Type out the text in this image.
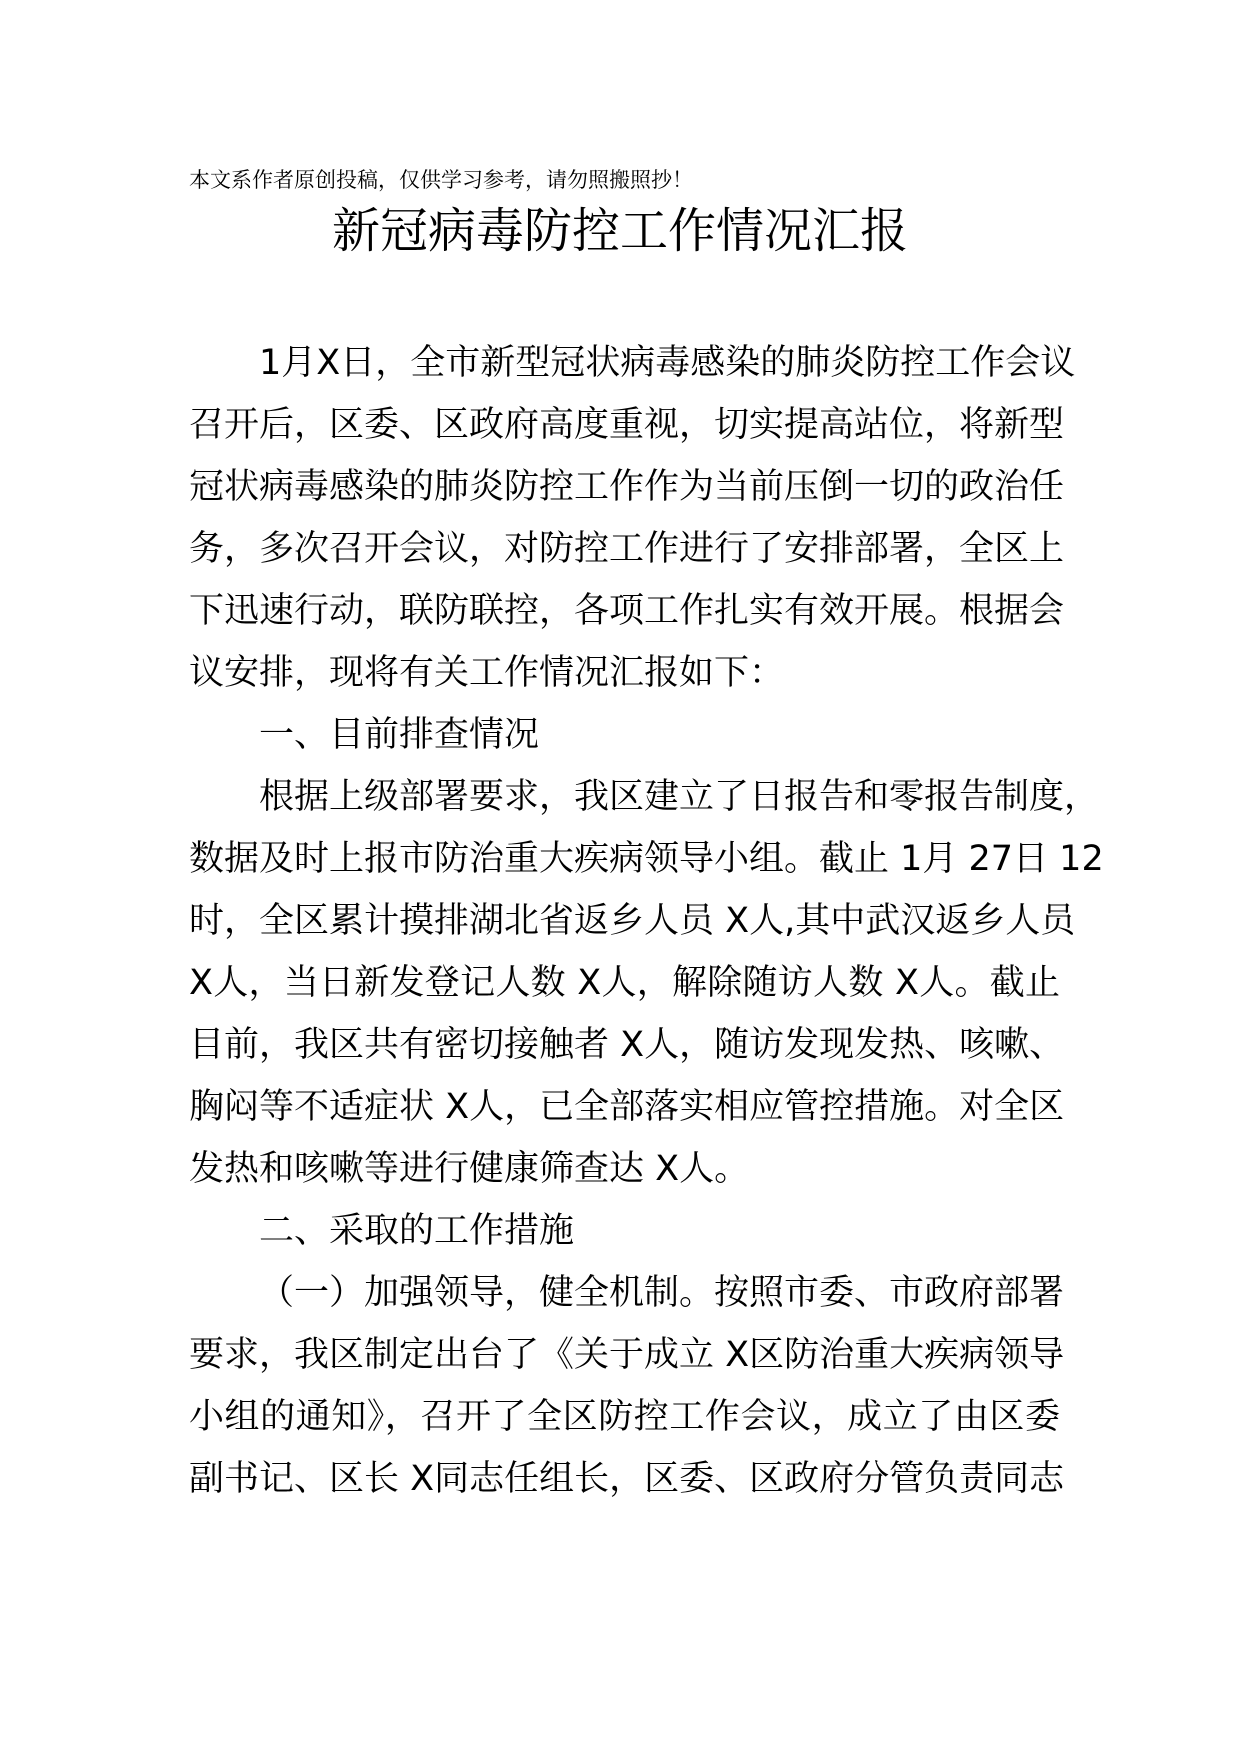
本文系作者原创投稿，仅供学习参考，请勿照搬照抄！
新冠病毒防控工作情况汇报
1月X日，全市新型冠状病毒感染的肺炎防控工作会议
召开后，区委、区政府高度重视，切实提高站位，将新型
冠状病毒感染的肺炎防控工作作为当前压倒一切的政治任
务，多次召开会议，对防控工作进行了安排部署，全区上
下迅速行动，联防联控，各项工作扎实有效开展。根据会
议安排，现将有关工作情况汇报如下：
一、目前排查情况
根据上级部署要求，我区建立了日报告和零报告制度，
数据及时上报市防治重大疾病领导小组。截止 1月 27日 12
时，全区累计摸排湖北省返乡人员 X人,其中武汉返乡人员
X人，当日新发登记人数 X人，解除随访人数 X人。截止
目前，我区共有密切接触者 X人，随访发现发热、咳嗽、
胸闷等不适症状 X人，已全部落实相应管控措施。对全区
发热和咳嗽等进行健康筛查达 X人。
二、采取的工作措施
（一）加强领导，健全机制。按照市委、市政府部署
要求，我区制定出台了《关于成立 X区防治重大疾病领导
小组的通知》，召开了全区防控工作会议，成立了由区委
副书记、区长 X同志任组长，区委、区政府分管负责同志
